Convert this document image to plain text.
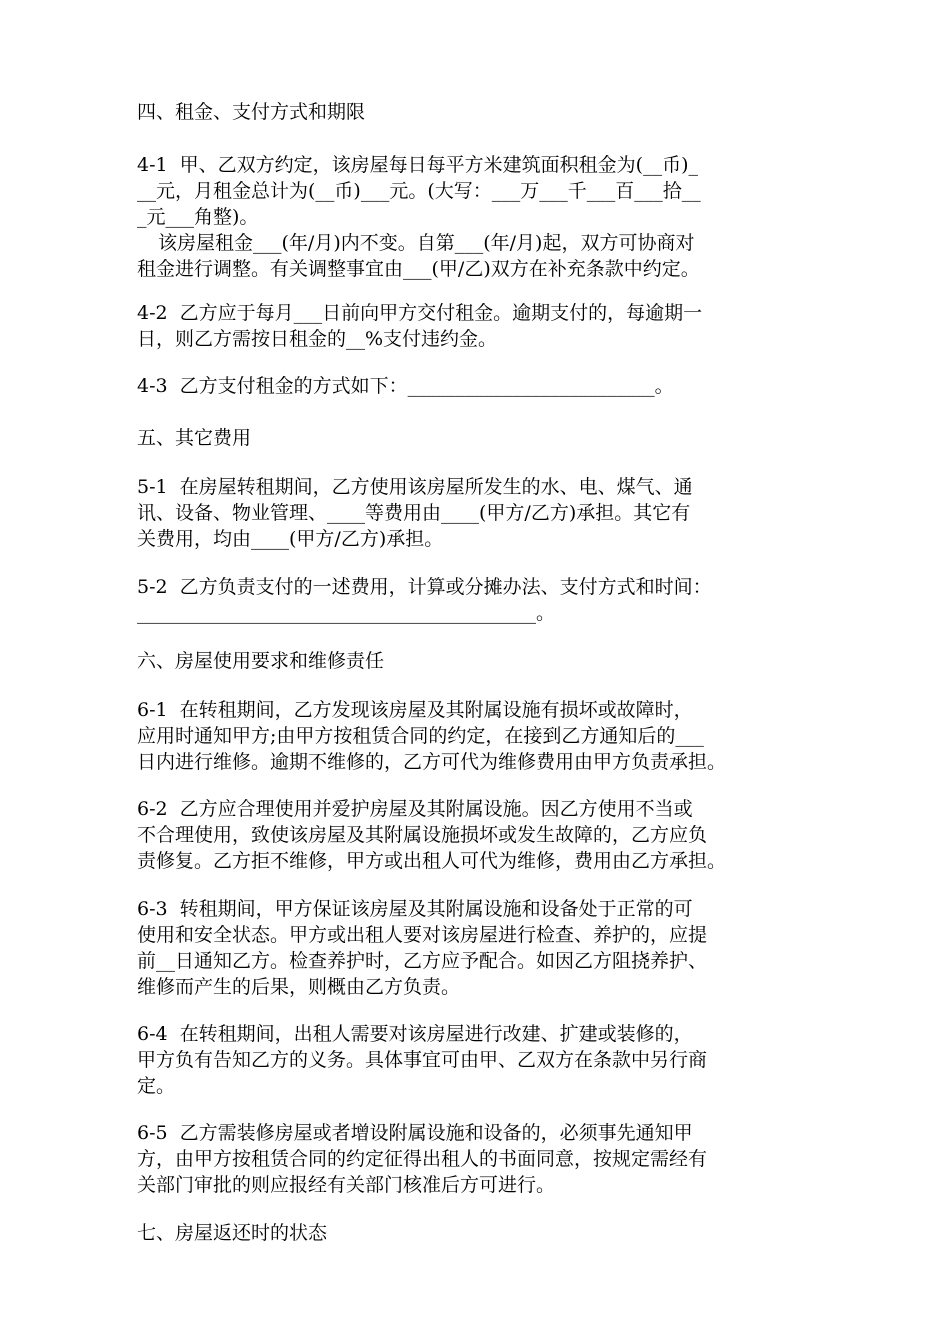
四、租金、支付方式和期限
4-1  甲、乙双方约定，该房屋每日每平方米建筑面积租金为(__币)_
__元，月租金总计为(__币)___元。(大写：___万___千___百___拾__
_元___角整)。
该房屋租金___(年/月)内不变。自第___(年/月)起，双方可协商对
租金进行调整。有关调整事宜由___(甲/乙)双方在补充条款中约定。
4-2  乙方应于每月___日前向甲方交付租金。逾期支付的，每逾期一
日，则乙方需按日租金的__%支付违约金。
4-3  乙方支付租金的方式如下：__________________________。
五、其它费用
5-1  在房屋转租期间，乙方使用该房屋所发生的水、电、煤气、通
讯、设备、物业管理、____等费用由____(甲方/乙方)承担。其它有
关费用，均由____(甲方/乙方)承担。
5-2  乙方负责支付的一述费用，计算或分摊办法、支付方式和时间：
__________________________________________。
六、房屋使用要求和维修责任
6-1  在转租期间，乙方发现该房屋及其附属设施有损坏或故障时，
应用时通知甲方;由甲方按租赁合同的约定，在接到乙方通知后的___
日内进行维修。逾期不维修的，乙方可代为维修费用由甲方负责承担。
6-2  乙方应合理使用并爱护房屋及其附属设施。因乙方使用不当或
不合理使用，致使该房屋及其附属设施损坏或发生故障的，乙方应负
责修复。乙方拒不维修，甲方或出租人可代为维修，费用由乙方承担。
6-3  转租期间，甲方保证该房屋及其附属设施和设备处于正常的可
使用和安全状态。甲方或出租人要对该房屋进行检查、养护的，应提
前__日通知乙方。检查养护时，乙方应予配合。如因乙方阻挠养护、
维修而产生的后果，则概由乙方负责。
6-4  在转租期间，出租人需要对该房屋进行改建、扩建或装修的，
甲方负有告知乙方的义务。具体事宜可由甲、乙双方在条款中另行商
定。
6-5  乙方需装修房屋或者增设附属设施和设备的，必须事先通知甲
方，由甲方按租赁合同的约定征得出租人的书面同意，按规定需经有
关部门审批的则应报经有关部门核准后方可进行。
七、房屋返还时的状态
